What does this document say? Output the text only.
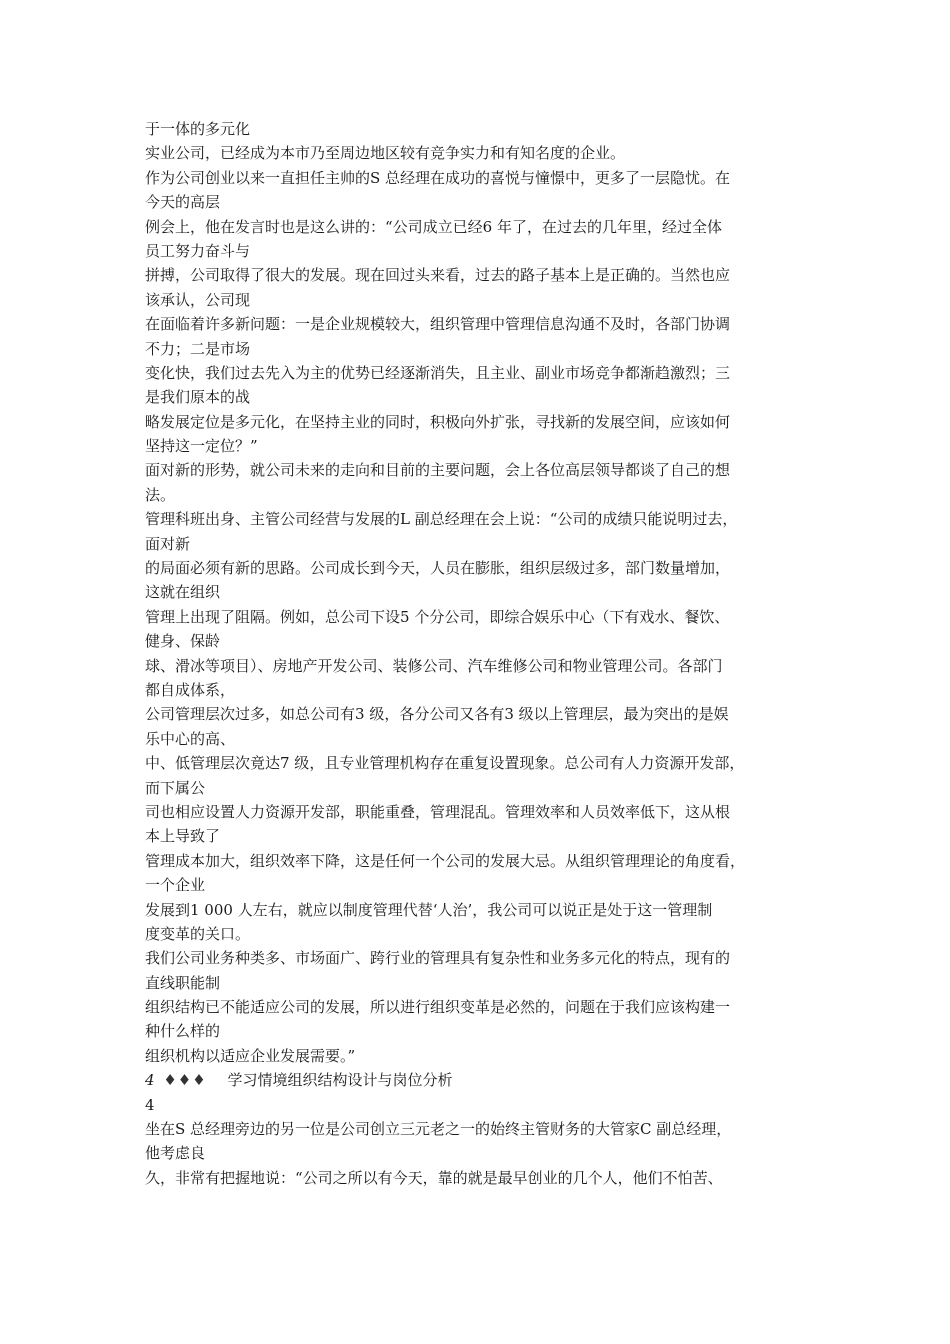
于一体的多元化
实业公司，已经成为本市乃至周边地区较有竞争实力和有知名度的企业。
作为公司创业以来一直担任主帅的S 总经理在成功的喜悦与憧憬中，更多了一层隐忧。在
今天的高层
例会上，他在发言时也是这么讲的：“公司成立已经6 年了，在过去的几年里，经过全体
员工努力奋斗与
拼搏，公司取得了很大的发展。现在回过头来看，过去的路子基本上是正确的。当然也应
该承认，公司现
在面临着许多新问题：一是企业规模较大，组织管理中管理信息沟通不及时，各部门协调
不力；二是市场
变化快，我们过去先入为主的优势已经逐渐消失，且主业、副业市场竞争都渐趋激烈；三
是我们原本的战
略发展定位是多元化，在坚持主业的同时，积极向外扩张，寻找新的发展空间，应该如何
坚持这一定位？”
面对新的形势，就公司未来的走向和目前的主要问题，会上各位高层领导都谈了自己的想
法。
管理科班出身、主管公司经营与发展的L 副总经理在会上说：“公司的成绩只能说明过去，
面对新
的局面必须有新的思路。公司成长到今天，人员在膨胀，组织层级过多，部门数量增加，
这就在组织
管理上出现了阻隔。例如，总公司下设5 个分公司，即综合娱乐中心（下有戏水、餐饮、
健身、保龄
球、滑冰等项目）、房地产开发公司、装修公司、汽车维修公司和物业管理公司。各部门
都自成体系，
公司管理层次过多，如总公司有3 级，各分公司又各有3 级以上管理层，最为突出的是娱
乐中心的高、
中、低管理层次竟达7 级，且专业管理机构存在重复设置现象。总公司有人力资源开发部，
而下属公
司也相应设置人力资源开发部，职能重叠，管理混乱。管理效率和人员效率低下，这从根
本上导致了
管理成本加大，组织效率下降，这是任何一个公司的发展大忌。从组织管理理论的角度看，
一个企业
发展到1 000 人左右，就应以制度管理代替‘人治’，我公司可以说正是处于这一管理制
度变革的关口。
我们公司业务种类多、市场面广、跨行业的管理具有复杂性和业务多元化的特点，现有的
直线职能制
组织结构已不能适应公司的发展，所以进行组织变革是必然的，问题在于我们应该构建一
种什么样的
组织机构以适应企业发展需要。”
4 ♦♦♦ 学习情境组织结构设计与岗位分析
4
坐在S 总经理旁边的另一位是公司创立三元老之一的始终主管财务的大管家C 副总经理，
他考虑良
久，非常有把握地说：“公司之所以有今天，靠的就是最早创业的几个人，他们不怕苦、
